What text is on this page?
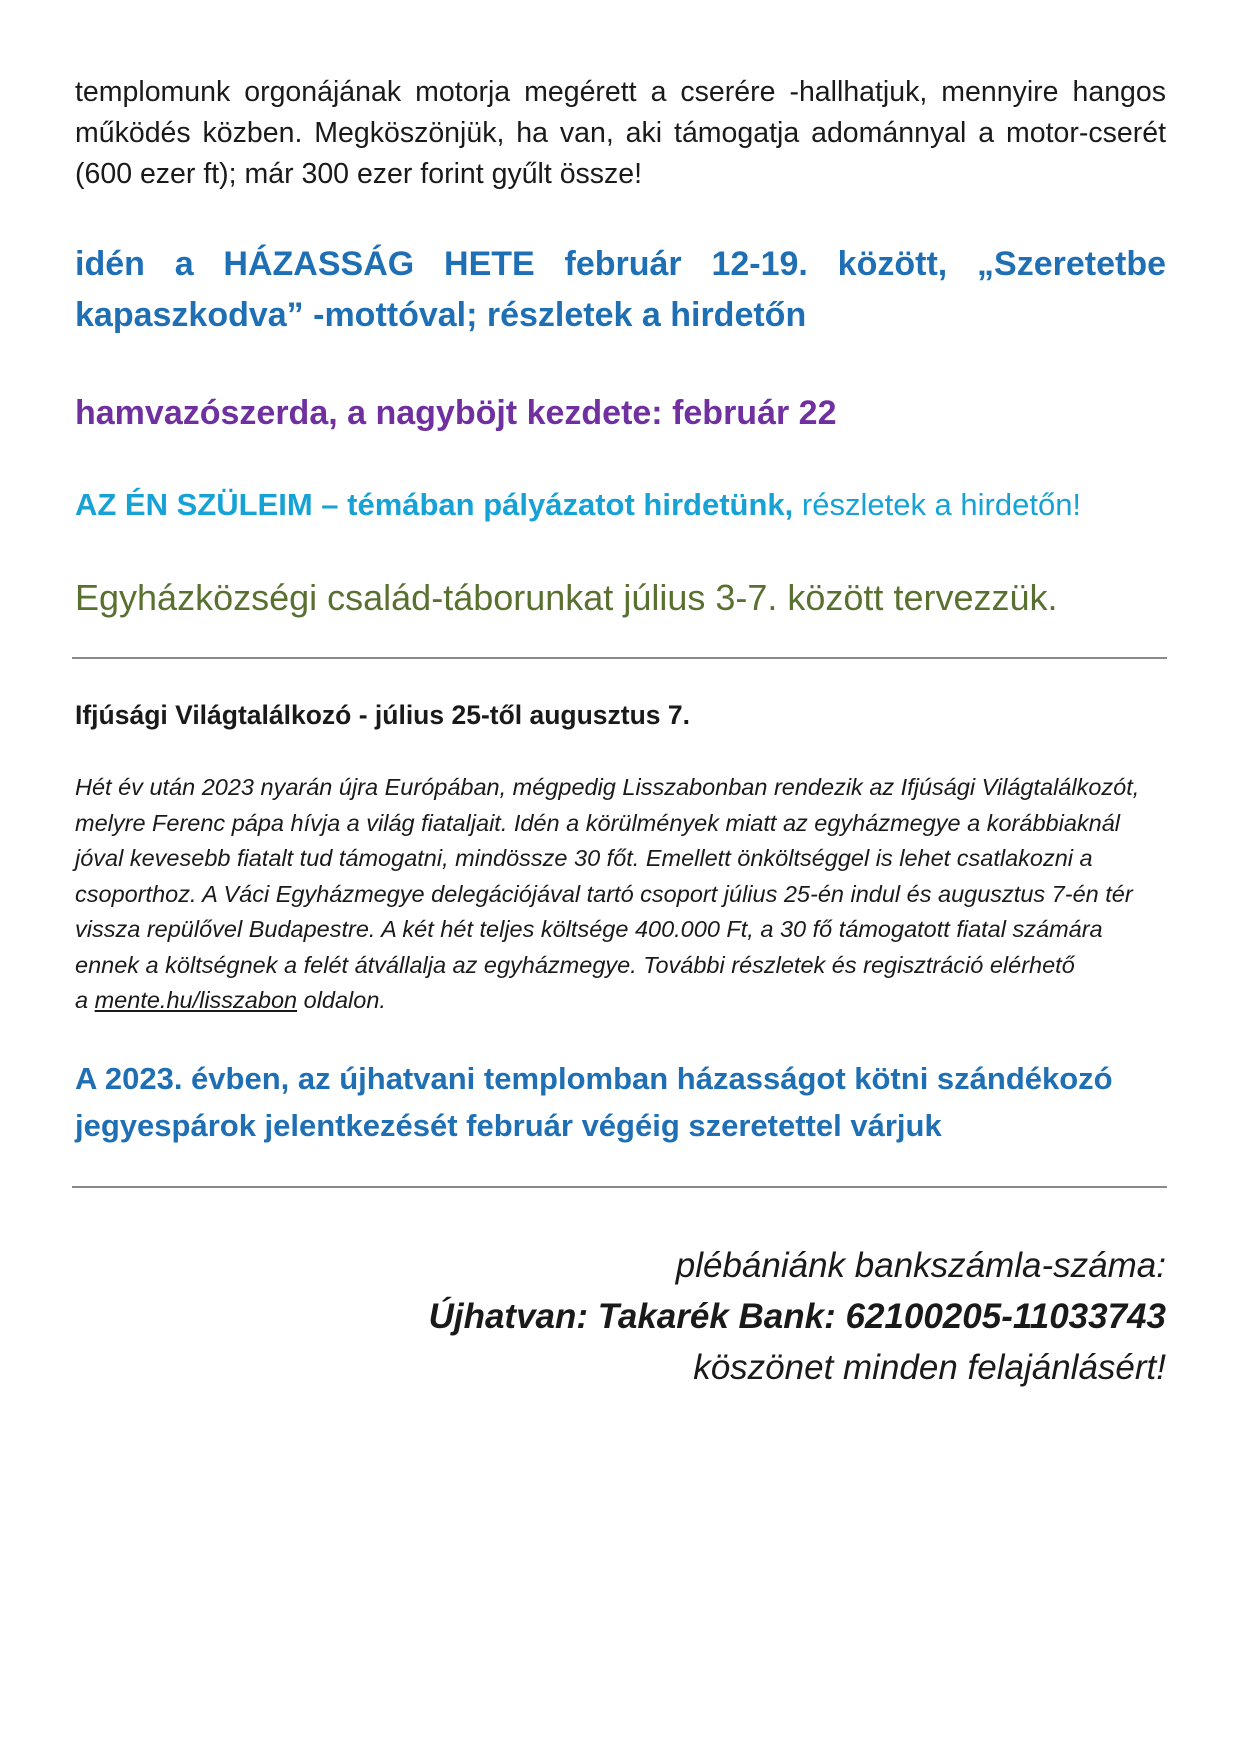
templomunk orgonájának motorja megérett a cserére -hallhatjuk, mennyire hangos működés közben. Megköszönjük, ha van, aki támogatja adománnyal a motor-cserét (600 ezer ft); már 300 ezer forint gyűlt össze!

idén a HÁZASSÁG HETE február 12-19. között, „Szeretetbe kapaszkodva” -mottóval; részletek a hirdetőn

hamvazószerda, a nagyböjt kezdete: február 22

AZ ÉN SZÜLEIM – témában pályázatot hirdetünk, részletek a hirdetőn!

Egyházközségi család-táborunkat július 3-7. között tervezzük.

Ifjúsági Világtalálkozó - július 25-től augusztus 7.

Hét év után 2023 nyarán újra Európában, mégpedig Lisszabonban rendezik az Ifjúsági Világtalálkozót, melyre Ferenc pápa hívja a világ fiataljait. Idén a körülmények miatt az egyházmegye a korábbiaknál jóval kevesebb fiatalt tud támogatni, mindössze 30 főt. Emellett önköltséggel is lehet csatlakozni a csoporthoz. A Váci Egyházmegye delegációjával tartó csoport július 25-én indul és augusztus 7-én tér vissza repülővel Budapestre. A két hét teljes költsége 400.000 Ft, a 30 fő támogatott fiatal számára ennek a költségnek a felét átvállalja az egyházmegye. További részletek és regisztráció elérhető

a mente.hu/lisszabon oldalon.

A 2023. évben, az újhatvani templomban házasságot kötni szándékozó jegyespárok jelentkezését február végéig szeretettel várjuk

plébániánk bankszámla-száma:

Újhatvan: Takarék Bank: 62100205-11033743

köszönet minden felajánlásért!
